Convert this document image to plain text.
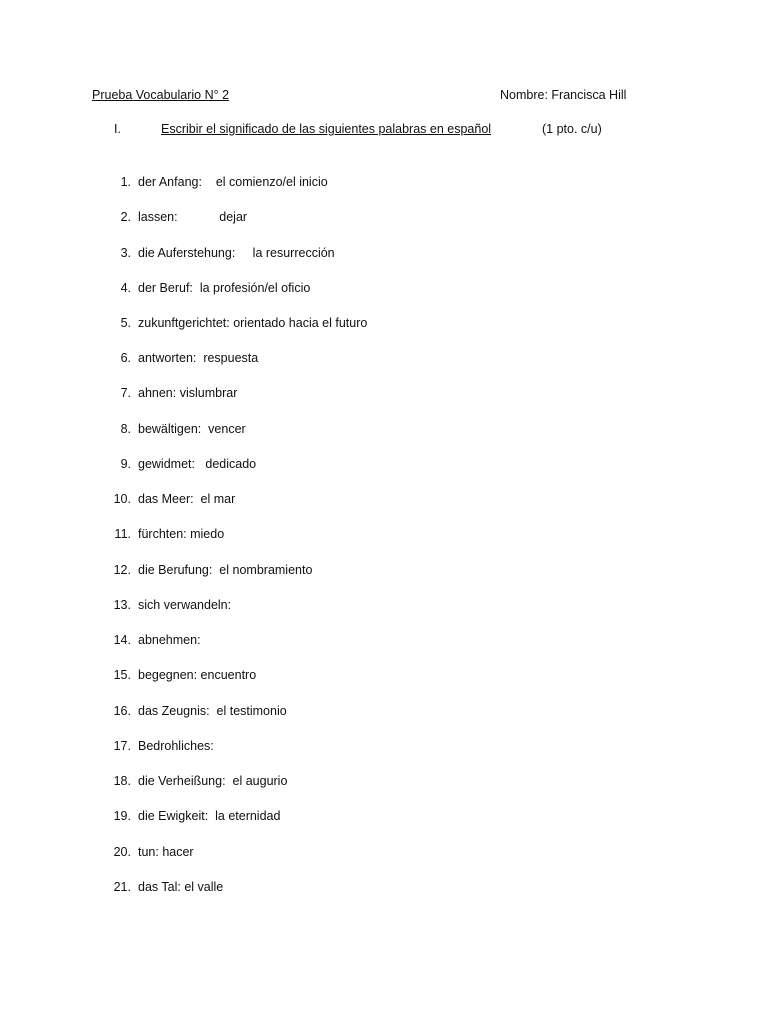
Prueba Vocabulario N° 2	Nombre: Francisca Hill
I.	Escribir el significado de las siguientes palabras en español	(1 pto. c/u)
1. der Anfang:    el comienzo/el inicio
2. lassen:            dejar
3. die Auferstehung:     la resurrección
4. der Beruf:  la profesión/el oficio
5. zukunftgerichtet: orientado hacia el futuro
6. antworten:  respuesta
7. ahnen: vislumbrar
8. bewältigen:  vencer
9. gewidmet:   dedicado
10. das Meer:  el mar
11. fürchten: miedo
12. die Berufung:  el nombramiento
13. sich verwandeln:
14. abnehmen:
15. begegnen: encuentro
16. das Zeugnis:  el testimonio
17. Bedrohliches:
18. die Verheißung:  el augurio
19. die Ewigkeit:  la eternidad
20. tun: hacer
21. das Tal: el valle
